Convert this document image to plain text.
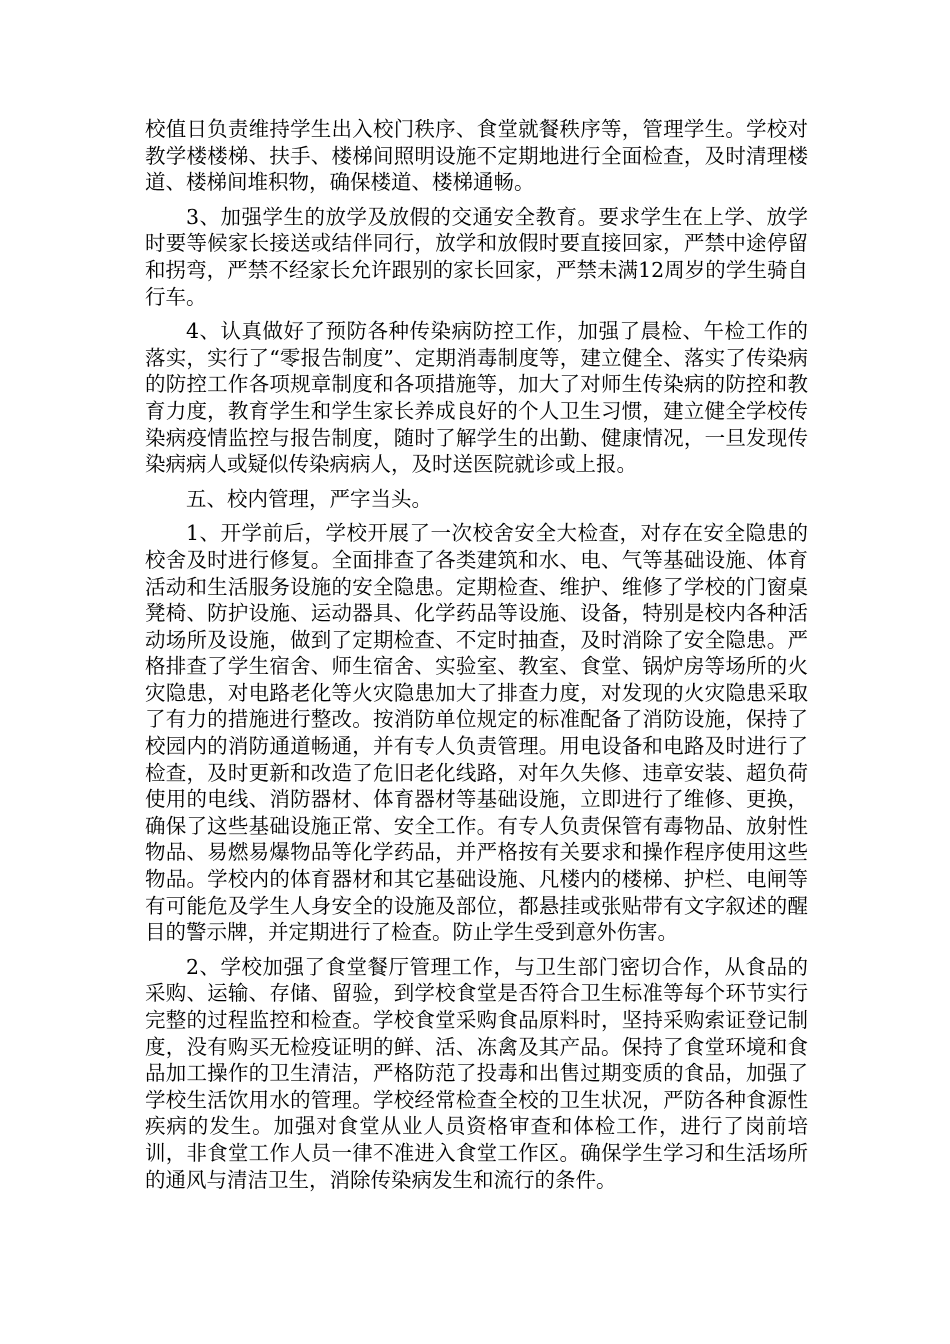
校值日负责维持学生出入校门秩序、食堂就餐秩序等，管理学生。学校对教学楼楼梯、扶手、楼梯间照明设施不定期地进行全面检查，及时清理楼道、楼梯间堆积物，确保楼道、楼梯通畅。

3、加强学生的放学及放假的交通安全教育。要求学生在上学、放学时要等候家长接送或结伴同行，放学和放假时要直接回家，严禁中途停留和拐弯，严禁不经家长允许跟别的家长回家，严禁未满12周岁的学生骑自行车。

4、认真做好了预防各种传染病防控工作，加强了晨检、午检工作的落实，实行了“零报告制度”、定期消毒制度等，建立健全、落实了传染病的防控工作各项规章制度和各项措施等，加大了对师生传染病的防控和教育力度，教育学生和学生家长养成良好的个人卫生习惯，建立健全学校传染病疫情监控与报告制度，随时了解学生的出勤、健康情况，一旦发现传染病病人或疑似传染病病人，及时送医院就诊或上报。

五、校内管理，严字当头。

1、开学前后，学校开展了一次校舍安全大检查，对存在安全隐患的校舍及时进行修复。全面排查了各类建筑和水、电、气等基础设施、体育活动和生活服务设施的安全隐患。定期检查、维护、维修了学校的门窗桌凳椅、防护设施、运动器具、化学药品等设施、设备，特别是校内各种活动场所及设施，做到了定期检查、不定时抽查，及时消除了安全隐患。严格排查了学生宿舍、师生宿舍、实验室、教室、食堂、锅炉房等场所的火灾隐患，对电路老化等火灾隐患加大了排查力度，对发现的火灾隐患采取了有力的措施进行整改。按消防单位规定的标准配备了消防设施，保持了校园内的消防通道畅通，并有专人负责管理。用电设备和电路及时进行了检查，及时更新和改造了危旧老化线路，对年久失修、违章安装、超负荷使用的电线、消防器材、体育器材等基础设施，立即进行了维修、更换，确保了这些基础设施正常、安全工作。有专人负责保管有毒物品、放射性物品、易燃易爆物品等化学药品，并严格按有关要求和操作程序使用这些物品。学校内的体育器材和其它基础设施、凡楼内的楼梯、护栏、电闸等有可能危及学生人身安全的设施及部位，都悬挂或张贴带有文字叙述的醒目的警示牌，并定期进行了检查。防止学生受到意外伤害。

2、学校加强了食堂餐厅管理工作，与卫生部门密切合作，从食品的采购、运输、存储、留验，到学校食堂是否符合卫生标准等每个环节实行完整的过程监控和检查。学校食堂采购食品原料时，坚持采购索证登记制度，没有购买无检疫证明的鲜、活、冻禽及其产品。保持了食堂环境和食品加工操作的卫生清洁，严格防范了投毒和出售过期变质的食品，加强了学校生活饮用水的管理。学校经常检查全校的卫生状况，严防各种食源性疾病的发生。加强对食堂从业人员资格审查和体检工作，进行了岗前培训，非食堂工作人员一律不准进入食堂工作区。确保学生学习和生活场所的通风与清洁卫生，消除传染病发生和流行的条件。
